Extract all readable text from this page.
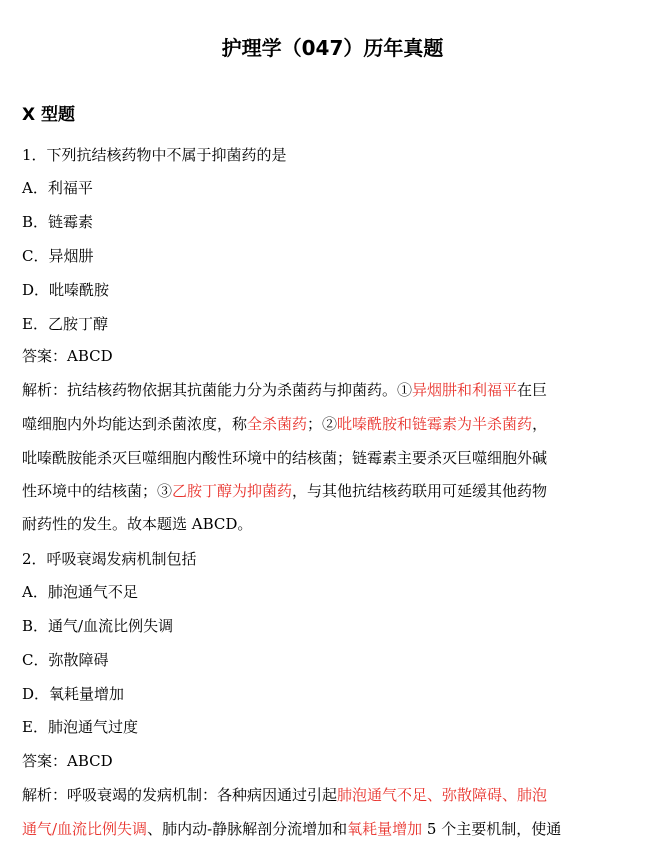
护理学（047）历年真题
X 型题
1．下列抗结核药物中不属于抑菌药的是
A．利福平
B．链霉素
C．异烟肼
D．吡嗪酰胺
E．乙胺丁醇
答案：ABCD
解析：抗结核药物依据其抗菌能力分为杀菌药与抑菌药。①异烟肼和利福平在巨
噬细胞内外均能达到杀菌浓度，称全杀菌药；②吡嗪酰胺和链霉素为半杀菌药，
吡嗪酰胺能杀灭巨噬细胞内酸性环境中的结核菌；链霉素主要杀灭巨噬细胞外碱
性环境中的结核菌；③乙胺丁醇为抑菌药，与其他抗结核药联用可延缓其他药物
耐药性的发生。故本题选 ABCD。
2．呼吸衰竭发病机制包括
A．肺泡通气不足
B．通气/血流比例失调
C．弥散障碍
D．氧耗量增加
E．肺泡通气过度
答案：ABCD
解析：呼吸衰竭的发病机制：各种病因通过引起肺泡通气不足、弥散障碍、肺泡
通气/血流比例失调、肺内动-静脉解剖分流增加和氧耗量增加 5 个主要机制，使通
